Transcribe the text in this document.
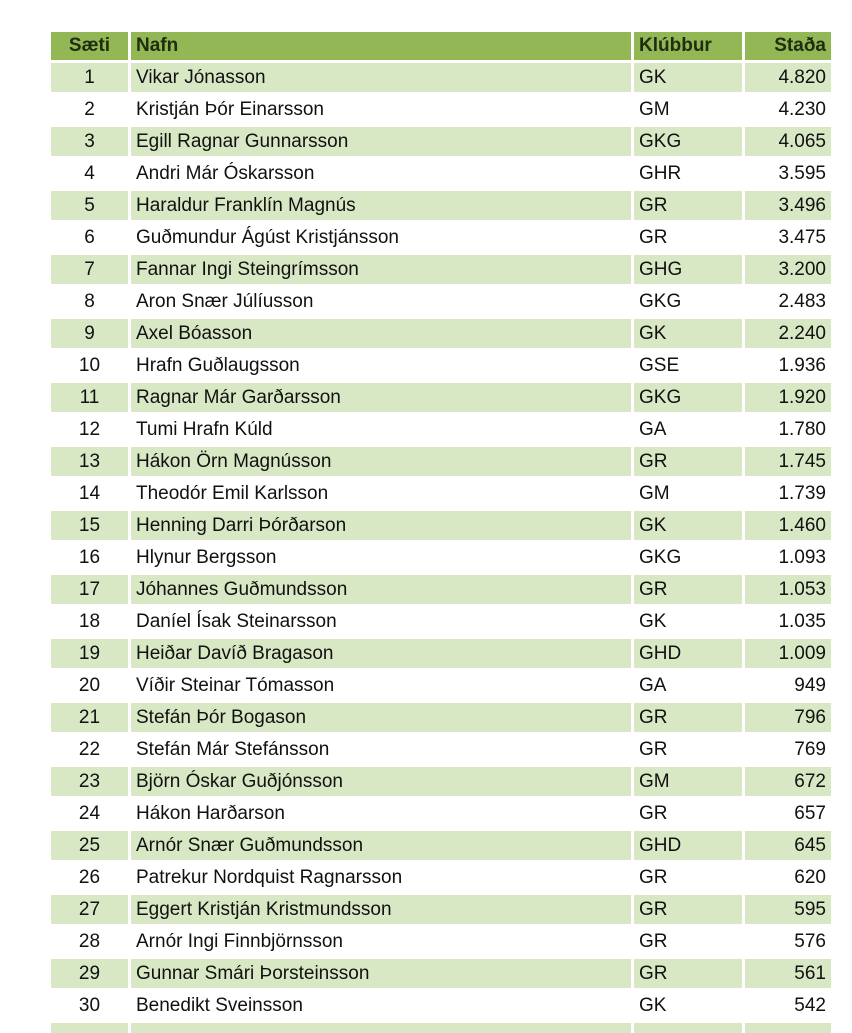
Sæti	Nafn	Klúbbur	Staða
1	Vikar Jónasson	GK	4.820
2	Kristján Þór Einarsson	GM	4.230
3	Egill Ragnar Gunnarsson	GKG	4.065
4	Andri Már Óskarsson	GHR	3.595
5	Haraldur Franklín Magnús	GR	3.496
6	Guðmundur Ágúst Kristjánsson	GR	3.475
7	Fannar Ingi Steingrímsson	GHG	3.200
8	Aron Snær Júlíusson	GKG	2.483
9	Axel Bóasson	GK	2.240
10	Hrafn Guðlaugsson	GSE	1.936
11	Ragnar Már Garðarsson	GKG	1.920
12	Tumi Hrafn Kúld	GA	1.780
13	Hákon Örn Magnússon	GR	1.745
14	Theodór Emil Karlsson	GM	1.739
15	Henning Darri Þórðarson	GK	1.460
16	Hlynur Bergsson	GKG	1.093
17	Jóhannes Guðmundsson	GR	1.053
18	Daníel Ísak Steinarsson	GK	1.035
19	Heiðar Davíð Bragason	GHD	1.009
20	Víðir Steinar Tómasson	GA	949
21	Stefán Þór Bogason	GR	796
22	Stefán Már Stefánsson	GR	769
23	Björn Óskar Guðjónsson	GM	672
24	Hákon Harðarson	GR	657
25	Arnór Snær Guðmundsson	GHD	645
26	Patrekur Nordquist Ragnarsson	GR	620
27	Eggert Kristján Kristmundsson	GR	595
28	Arnór Ingi Finnbjörnsson	GR	576
29	Gunnar Smári Þorsteinsson	GR	561
30	Benedikt Sveinsson	GK	542
